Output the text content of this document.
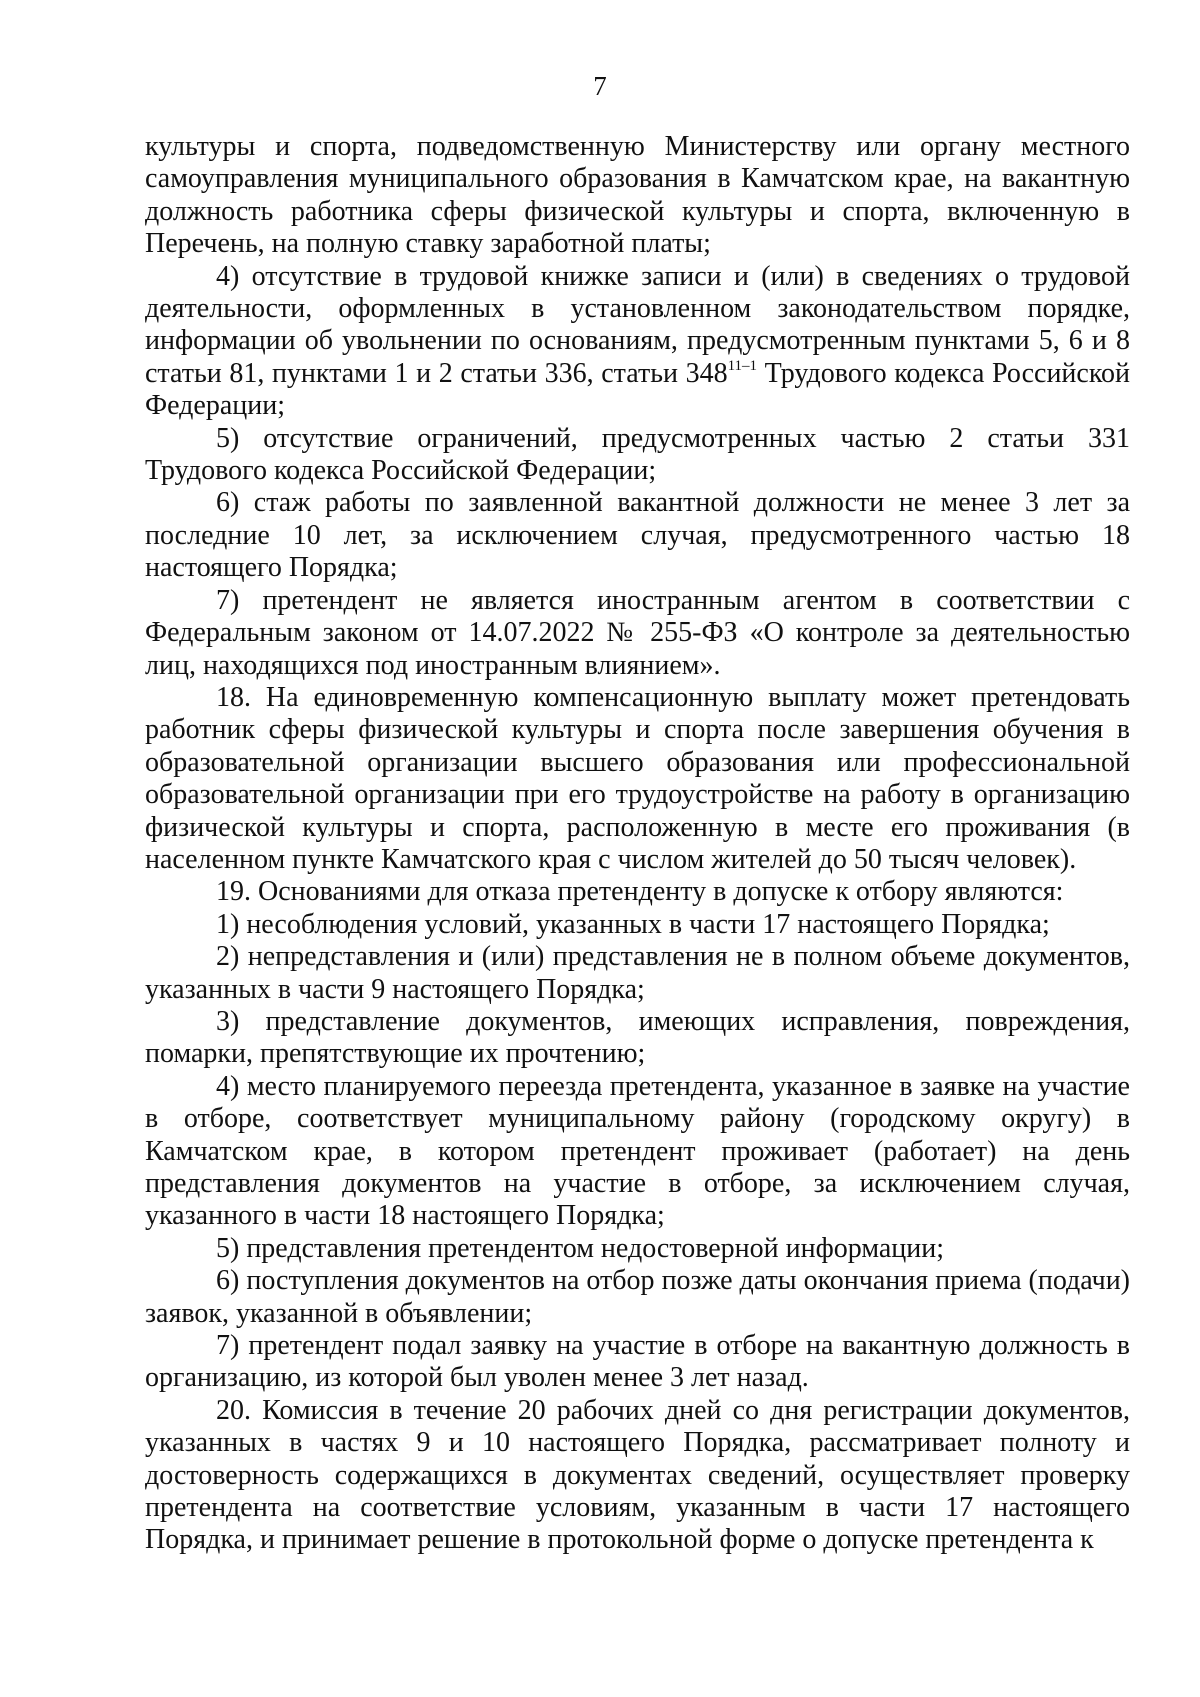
7

культуры и спорта, подведомственную Министерству или органу местного самоуправления муниципального образования в Камчатском крае, на вакантную должность работника сферы физической культуры и спорта, включенную в Перечень, на полную ставку заработной платы;

4) отсутствие в трудовой книжке записи и (или) в сведениях о трудовой деятельности, оформленных в установленном законодательством порядке, информации об увольнении по основаниям, предусмотренным пунктами 5, 6 и 8 статьи 81, пунктами 1 и 2 статьи 336, статьи 348$^{11-1}$ Трудового кодекса Российской Федерации;

5) отсутствие ограничений, предусмотренных частью 2 статьи 331 Трудового кодекса Российской Федерации;

6) стаж работы по заявленной вакантной должности не менее 3 лет за последние 10 лет, за исключением случая, предусмотренного частью 18 настоящего Порядка;

7) претендент не является иностранным агентом в соответствии с Федеральным законом от 14.07.2022 № 255-ФЗ «О контроле за деятельностью лиц, находящихся под иностранным влиянием».

18. На единовременную компенсационную выплату может претендовать работник сферы физической культуры и спорта после завершения обучения в образовательной организации высшего образования или профессиональной образовательной организации при его трудоустройстве на работу в организацию физической культуры и спорта, расположенную в месте его проживания (в населенном пункте Камчатского края с числом жителей до 50 тысяч человек).

19. Основаниями для отказа претенденту в допуске к отбору являются:

1) несоблюдения условий, указанных в части 17 настоящего Порядка;

2) непредставления и (или) представления не в полном объеме документов, указанных в части 9 настоящего Порядка;

3) представление документов, имеющих исправления, повреждения, помарки, препятствующие их прочтению;

4) место планируемого переезда претендента, указанное в заявке на участие в отборе, соответствует муниципальному району (городскому округу) в Камчатском крае, в котором претендент проживает (работает) на день представления документов на участие в отборе, за исключением случая, указанного в части 18 настоящего Порядка;

5) представления претендентом недостоверной информации;

6) поступления документов на отбор позже даты окончания приема (подачи) заявок, указанной в объявлении;

7) претендент подал заявку на участие в отборе на вакантную должность в организацию, из которой был уволен менее 3 лет назад.

20. Комиссия в течение 20 рабочих дней со дня регистрации документов, указанных в частях 9 и 10 настоящего Порядка, рассматривает полноту и достоверность содержащихся в документах сведений, осуществляет проверку претендента на соответствие условиям, указанным в части 17 настоящего Порядка, и принимает решение в протокольной форме о допуске претендента к
